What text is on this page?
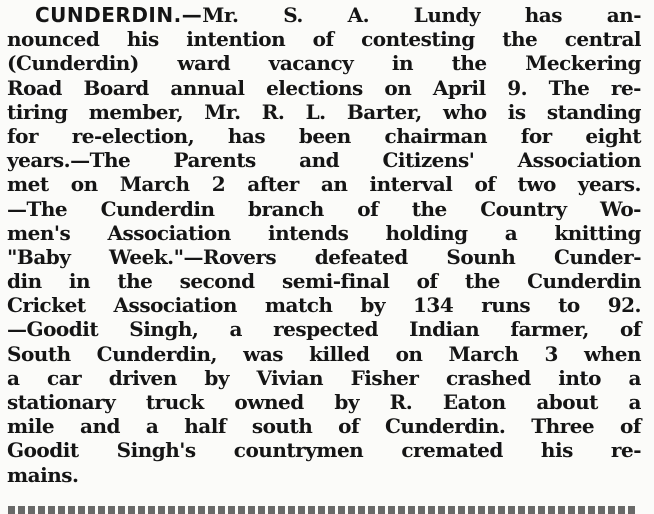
CUNDERDIN.—Mr. S. A. Lundy has an-
nounced his intention of contesting the central
(Cunderdin) ward vacancy in the Meckering
Road Board annual elections on April 9. The re-
tiring member, Mr. R. L. Barter, who is standing
for re-election, has been chairman for eight
years.—The Parents and Citizens' Association
met on March 2 after an interval of two years.
—The Cunderdin branch of the Country Wo-
men's Association intends holding a knitting
"Baby Week."—Rovers defeated Sounh Cunder-
din in the second semi-final of the Cunderdin
Cricket Association match by 134 runs to 92.
—Goodit Singh, a respected Indian farmer, of
South Cunderdin, was killed on March 3 when
a car driven by Vivian Fisher crashed into a
stationary truck owned by R. Eaton about a
mile and a half south of Cunderdin. Three of
Goodit Singh's countrymen cremated his re-
mains.
